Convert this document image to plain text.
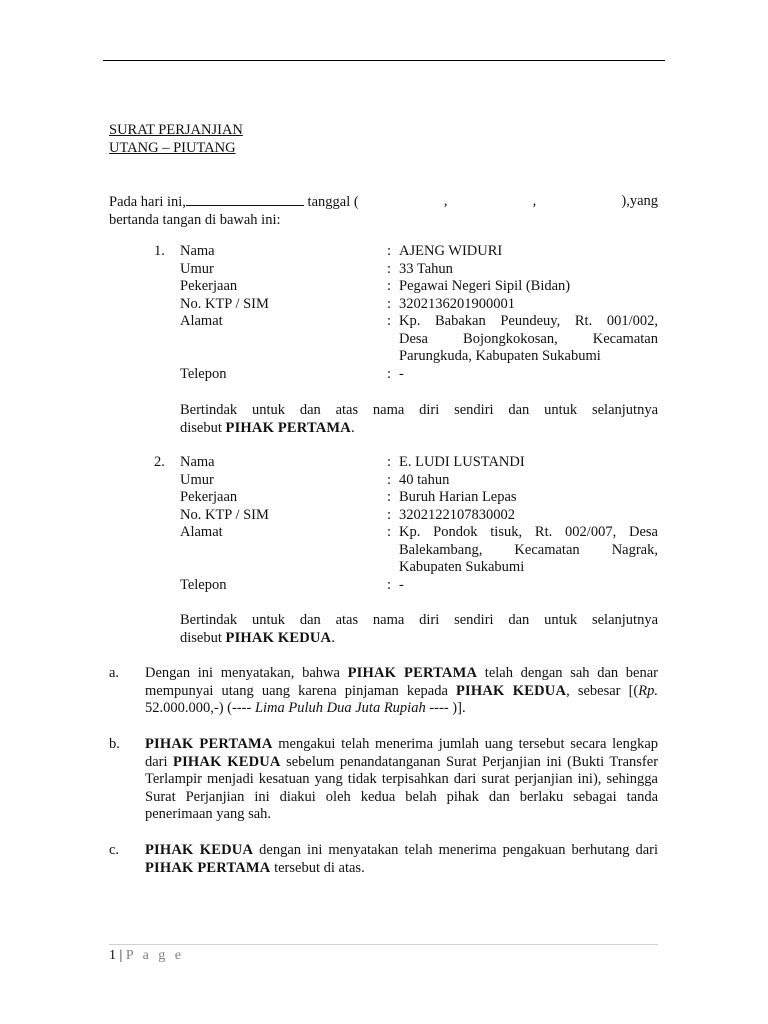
SURAT PERJANJIAN
UTANG – PIUTANG
Pada hari ini,	tanggal (	,	,	),yang
bertanda tangan di bawah ini:
1.	Nama	:	AJENG WIDURI
	Umur	:	33 Tahun
	Pekerjaan	:	Pegawai Negeri Sipil (Bidan)
	No. KTP / SIM	:	3202136201900001
	Alamat	:	Kp. Babakan Peundeuy, Rt. 001/002,
Desa Bojongkokosan, Kecamatan
Parungkuda, Kabupaten Sukabumi

	Telepon	:	-
Bertindak untuk dan atas nama diri sendiri dan untuk selanjutnya
disebut PIHAK PERTAMA.
2.	Nama	:	E. LUDI LUSTANDI
	Umur	:	40 tahun
	Pekerjaan	:	Buruh Harian Lepas
	No. KTP / SIM	:	3202122107830002
	Alamat	:	Kp. Pondok tisuk, Rt. 002/007, Desa
Balekambang, Kecamatan Nagrak,
Kabupaten Sukabumi

	Telepon	:	-
Bertindak untuk dan atas nama diri sendiri dan untuk selanjutnya
disebut PIHAK KEDUA.
a.	Dengan ini menyatakan, bahwa PIHAK PERTAMA telah dengan sah dan benar mempunyai utang uang karena pinjaman kepada PIHAK KEDUA, sebesar [(Rp. 52.000.000,-) (---- Lima Puluh Dua Juta Rupiah ---- )].
b.	PIHAK PERTAMA mengakui telah menerima jumlah uang tersebut secara lengkap dari PIHAK KEDUA sebelum penandatanganan Surat Perjanjian ini (Bukti Transfer Terlampir menjadi kesatuan yang tidak terpisahkan dari surat perjanjian ini), sehingga Surat Perjanjian ini diakui oleh kedua belah pihak dan berlaku sebagai tanda penerimaan yang sah.
c.	PIHAK KEDUA dengan ini menyatakan telah menerima pengakuan berhutang dari PIHAK PERTAMA tersebut di atas.
1 | P a g e
